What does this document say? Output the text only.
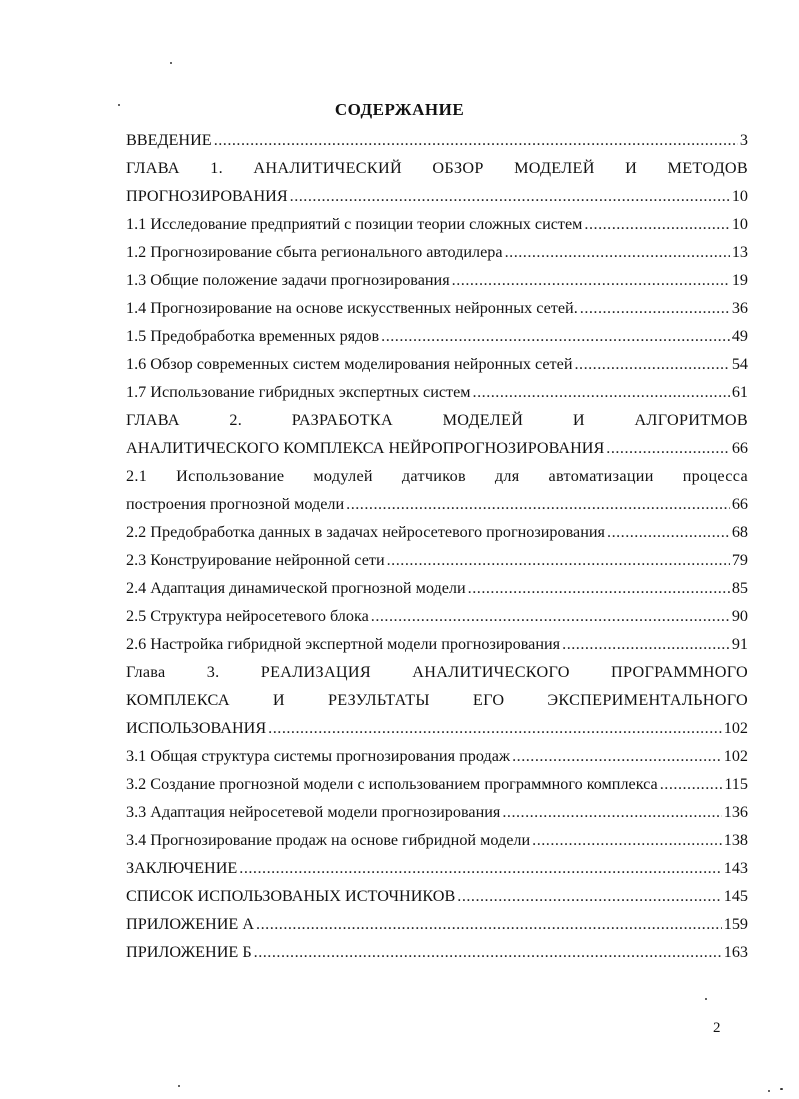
СОДЕРЖАНИЕ
ВВЕДЕНИЕ .....	3
ГЛАВА 1. АНАЛИТИЧЕСКИЙ ОБЗОР МОДЕЛЕЙ И МЕТОДОВ
ПРОГНОЗИРОВАНИЯ .....	10
1.1 Исследование предприятий с позиции теории сложных систем .....	10
1.2 Прогнозирование сбыта регионального автодилера .....	13
1.3 Общие положение задачи прогнозирования .....	19
1.4 Прогнозирование на основе искусственных нейронных сетей. .....	36
1.5 Предобработка временных рядов .....	49
1.6 Обзор современных систем моделирования нейронных сетей .....	54
1.7 Использование гибридных экспертных систем .....	61
ГЛАВА	2.	РАЗРАБОТКА	МОДЕЛЕЙ	И	АЛГОРИТМОВ
АНАЛИТИЧЕСКОГО КОМПЛЕКСА НЕЙРОПРОГНОЗИРОВАНИЯ .....	66
2.1 Использование модулей датчиков для автоматизации процесса
построения прогнозной модели .....	66
2.2 Предобработка данных в задачах нейросетевого прогнозирования .....	68
2.3 Конструирование нейронной сети .....	79
2.4 Адаптация динамической прогнозной модели .....	85
2.5 Структура нейросетевого блока .....	90
2.6 Настройка гибридной экспертной модели прогнозирования .....	91
Глава	3.	РЕАЛИЗАЦИЯ	АНАЛИТИЧЕСКОГО	ПРОГРАММНОГО
КОМПЛЕКСА	И	РЕЗУЛЬТАТЫ	ЕГО	ЭКСПЕРИМЕНТАЛЬНОГО
ИСПОЛЬЗОВАНИЯ .....	102
3.1 Общая структура системы прогнозирования продаж .....	102
3.2 Создание прогнозной модели с использованием программного комплекса .....	115
3.3 Адаптация нейросетевой модели прогнозирования .....	136
3.4 Прогнозирование продаж на основе гибридной модели .....	138
ЗАКЛЮЧЕНИЕ .....	143
СПИСОК ИСПОЛЬЗОВАНЫХ ИСТОЧНИКОВ .....	145
ПРИЛОЖЕНИЕ А .....	159
ПРИЛОЖЕНИЕ Б .....	163
2
